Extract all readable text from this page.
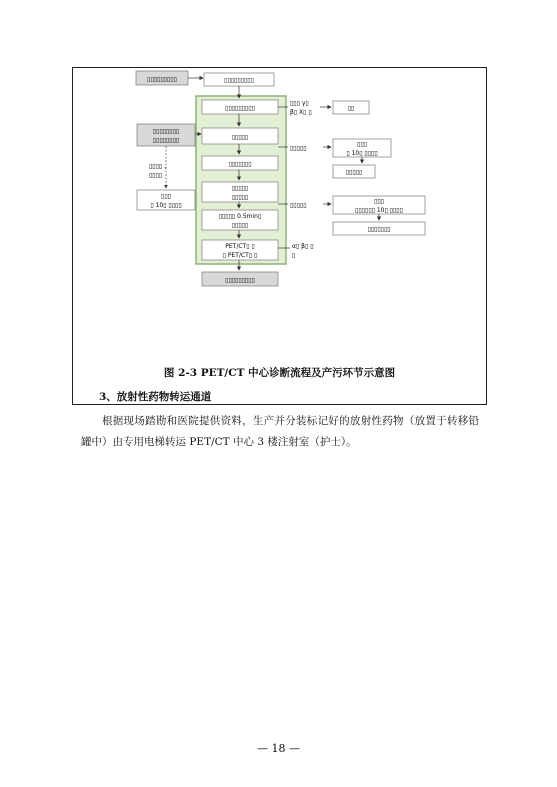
▯▯▯▯▯▯▯▯▯	▯▯▯▯▯▯▯▯▯
▯▯▯▯▯▯▯▯▯
▯▯▯▯▯
▯▯▯▯▯▯▯
▯▯▯▯▯
▯▯▯▯▯
▯▯▯▯▯ 0.5min▯
▯▯▯▯▯
PET/CT▯ ▯
▯ PET/CT▯ ▯
▯▯▯▯▯▯▯▯▯
▯▯▯▯▯▯▯▯
▯▯▯▯▯▯▯▯
▯▯▯▯ 、
▯▯▯▯
▯▯▯
▯ 10▯ ▯▯▯▯
▯▯▯ γ▯
β▯ X▯ ▯
▯▯
▯▯▯▯▯
▯▯▯
▯ 10▯ ▯▯▯▯
▯▯▯▯▯
▯▯▯▯▯
▯▯▯
▯▯▯▯▯▯ 10▯ ▯▯▯▯
▯▯▯▯▯▯▯
α▯ β▯ ▯
▯
图 2-3 PET/CT 中心诊断流程及产污环节示意图
3、放射性药物转运通道
根据现场踏勘和医院提供资料，生产并分装标记好的放射性药物（放置于转移铅罐中）由专用电梯转运 PET/CT 中心 3 楼注射室（护士）。
— 18 —
